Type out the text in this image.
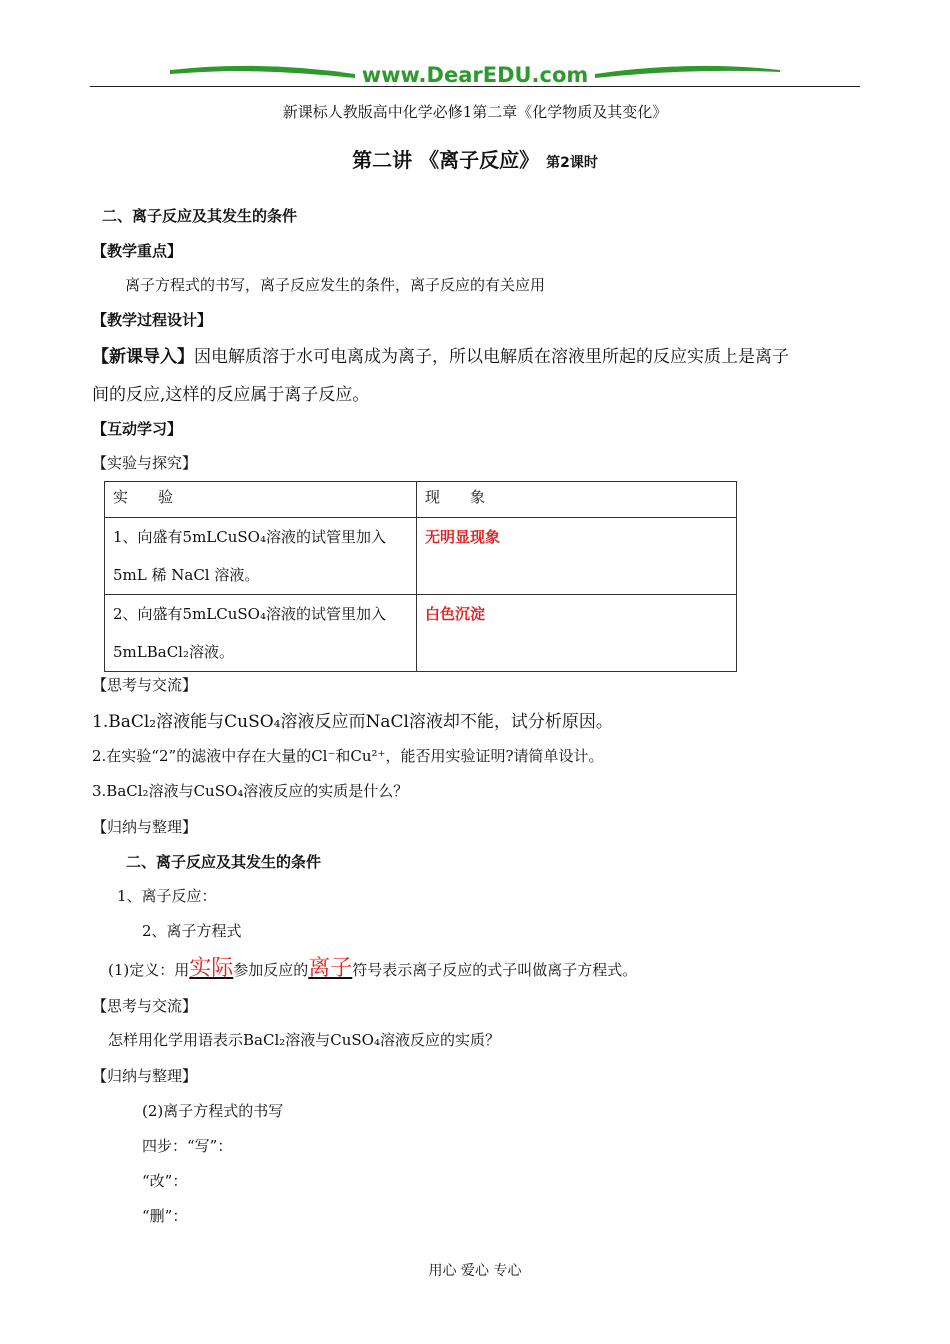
www.DearEDU.com
新课标人教版高中化学必修1第二章《化学物质及其变化》
第二讲 《离子反应》 第2课时
二、离子反应及其发生的条件
【教学重点】
离子方程式的书写，离子反应发生的条件，离子反应的有关应用
【教学过程设计】
【新课导入】因电解质溶于水可电离成为离子，所以电解质在溶液里所起的反应实质上是离子
间的反应,这样的反应属于离子反应。
【互动学习】
【实验与探究】
实　　验	现　　象

1、向盛有5mLCuSO₄溶液的试管里加入
5mL 稀 NaCl 溶液。	无明显现象

2、向盛有5mLCuSO₄溶液的试管里加入
5mLBaCl₂溶液。	白色沉淀
【思考与交流】
1.BaCl₂溶液能与CuSO₄溶液反应而NaCl溶液却不能，试分析原因。
2.在实验“2”的滤液中存在大量的Cl⁻和Cu²⁺，能否用实验证明?请简单设计。
3.BaCl₂溶液与CuSO₄溶液反应的实质是什么？
【归纳与整理】
二、离子反应及其发生的条件
1、离子反应：
2、离子方程式
(1)定义：用实际参加反应的离子符号表示离子反应的式子叫做离子方程式。
【思考与交流】
怎样用化学用语表示BaCl₂溶液与CuSO₄溶液反应的实质？
【归纳与整理】
(2)离子方程式的书写
四步：“写”：
“改”：
“删”：
用心 爱心 专心
